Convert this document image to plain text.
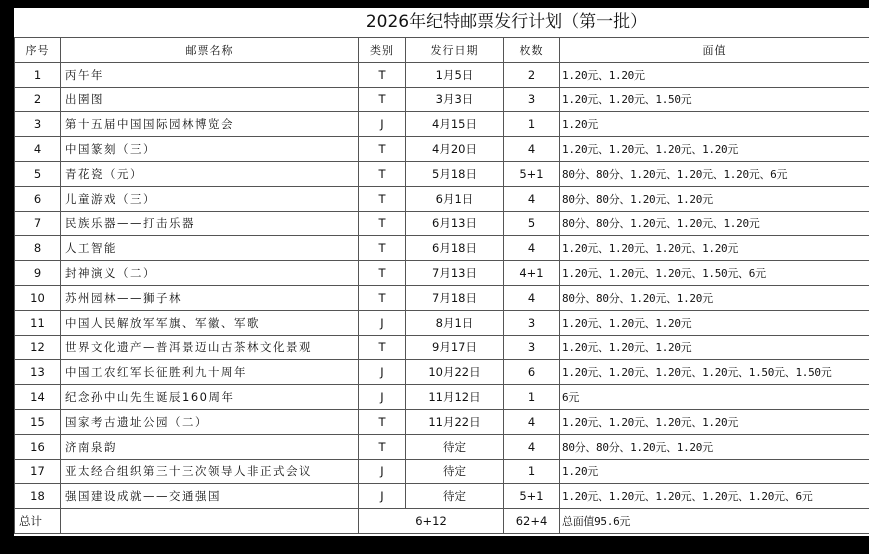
2026年纪特邮票发行计划（第一批）
序号	邮票名称	类别	发行日期	枚数	面值
1	丙午年	T	1月5日	2	1.20元、1.20元
2	出圉图	T	3月3日	3	1.20元、1.20元、1.50元
3	第十五届中国国际园林博览会	J	4月15日	1	1.20元
4	中国篆刻（三）	T	4月20日	4	1.20元、1.20元、1.20元、1.20元
5	青花瓷（元）	T	5月18日	5+1	80分、80分、1.20元、1.20元、1.20元、6元
6	儿童游戏（三）	T	6月1日	4	80分、80分、1.20元、1.20元
7	民族乐器——打击乐器	T	6月13日	5	80分、80分、1.20元、1.20元、1.20元
8	人工智能	T	6月18日	4	1.20元、1.20元、1.20元、1.20元
9	封神演义（二）	T	7月13日	4+1	1.20元、1.20元、1.20元、1.50元、6元
10	苏州园林——狮子林	T	7月18日	4	80分、80分、1.20元、1.20元
11	中国人民解放军军旗、军徽、军歌	J	8月1日	3	1.20元、1.20元、1.20元
12	世界文化遗产—普洱景迈山古茶林文化景观	T	9月17日	3	1.20元、1.20元、1.20元
13	中国工农红军长征胜利九十周年	J	10月22日	6	1.20元、1.20元、1.20元、1.20元、1.50元、1.50元
14	纪念孙中山先生诞辰160周年	J	11月12日	1	6元
15	国家考古遗址公园（二）	T	11月22日	4	1.20元、1.20元、1.20元、1.20元
16	济南泉韵	T	待定	4	80分、80分、1.20元、1.20元
17	亚太经合组织第三十三次领导人非正式会议	J	待定	1	1.20元
18	强国建设成就——交通强国	J	待定	5+1	1.20元、1.20元、1.20元、1.20元、1.20元、6元
总计		6+12		62+4	总面值95.6元
